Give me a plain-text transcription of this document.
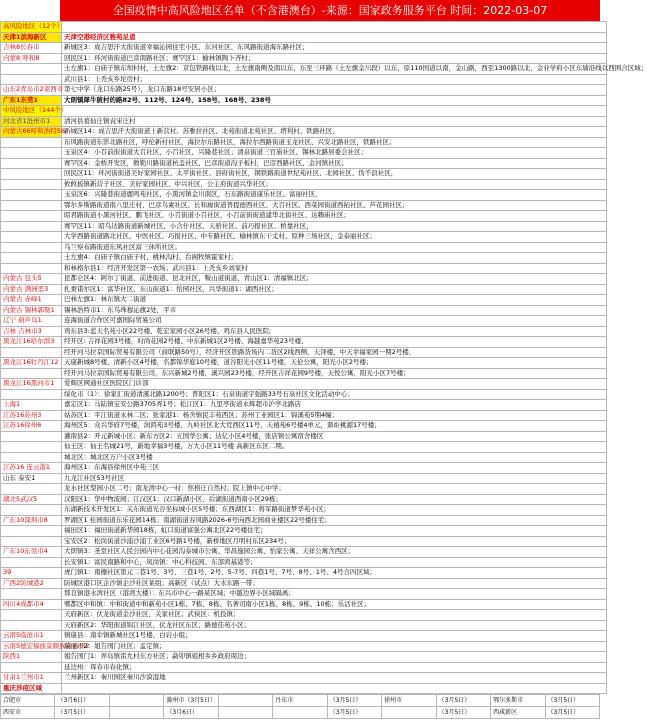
全国疫情中高风险地区名单（不含港澳台）-来源：国家政务服务平台 时间：2022-03-07
高风险地区（12个）	
天津1滨海新区	天津空港经济区雅苑足道
吉林8长春市	新城区3：成吉思汗大街街道幸福沁园住宅小区、东河社区、东风路街道海东路社区；
内蒙8 呼和8	回民区1：环河街街道巴彦南路社区；赛罕区1：榆林镇陶卜齐村；
	土左旗1：白庙子镇东坝村村，土左旗2：京包铁路线以北，土左旗南侧及南以东，东至三环路（土左旗金川段）以东，原110国道以南，金山路，西至1300路以北，金业学府小区东墙沿线以西围合区域；
	武川县1：上秃亥乡坨房村；
山东2青岛市2莱西市	第七中学（龙口东路25号），龙口东路18号安居小区；
广东1东莞1	大朗镇犀牛陂村的路82号、112号、124号、158号、168号、238号
中风险地区（144个）	
河北省1沧州市1	清河县葛仙庄镇袁宋庄村
内蒙古66呼和浩特58	新城区14：成吉思汗大街街道上新营村、苏雅拉社区、北苑街道北苑社区、塔利村、铁路社区，
	东风路街道东影北路社区，呼伦新村社区，海拉尔东路社区，海拉尔西路街道玉龙社区、兴安北路社区，铁路社区；
	玉泉区4：小召前街街道大召社区、小召社区，兴隆巷社区；清泉街道三官庙社区、锡林北路居委会社区；
	赛罕区4：金桥开发区，敕勒川路街道杭盖社区、巴彦街道沟子板村，巴彦西路社区、金河镇社区；
	回民区11：环河街街道美好家园社区、太平街社区、县府街社区，钢铁路街道世纪苑社区、北园社区、伪不浪社区，
	攸攸板镇新营子社区、美好家园社区、中兴社区，公主府街道兴华社区；
	玉泉区6：兴隆巷街道鹿鸣苑社区、小黑河镇金川南区，石东路街道康乐社区、富丽社区，
	鄂尔多斯路街道南八里庄村、巴彦乌素社区、长和廊街道普提德西社区、大召社区、西菜园街道西拓社区、芦花园社区；
	昭君路街道小黑河社区、鹏飞社区、小召街道小召社区，小召前街街道建华北街社区、达赖庙社区；
	赛罕区11：昭乌达路街道新城社区、小合什社区、天骄社区、前巧报社区、桥靠社区，
	大学西路街道路北社区，中医社区、巧报社区、中专路社区、榆林镇东干丈村、原种三场社区，金泰丽社区；
	乌兰察布路街道东风社区富三休所社区；
	土左旗4：白庙子镇白庙子村、桃林沟村、台阁牧镇霍家村；
	和林格尔县1：经济开发区第一农场；武川县1：上秃亥乡刘家村
内蒙古 包头5	昆都仑区4：阿尔丁街道、前进街道、昆北社区、鞍山道街道、青山区1：清福镇北区；
内蒙古 满洲里3	扎赉诺尔区1：富华社区、东山街道1：怡园社区、兴华街道1：湖西社区；
内蒙古 赤峰1	巴林左旗1：林东镇大二街道
内蒙古 锡林郭勒1	锡林浩特市1：东乌珠穆沁旗2处，平市
辽宁 葫芦岛1	连海街道合作区可嘉国际贸易公司
吉林 吉林市3	鸡东县3:蓝天名苑小区22号楼、乾宏家园小区26号楼、鸡东县人民医院;
黑龙江16哈尔滨3	经开区: 吉祥花园3号楼，时尚花园2号楼、中东新城1区2号楼、海越嘉华苑23号楼、
	经开河马拉京国际贸易有限公司（商联路50号），经济开区铁路货场内二货区2线西侧，天泽楼，中天幸福家园一期2号楼、
黑龙江16牡丹江12	天康新城8号楼，清新小区4号楼，名都锦华庭10号楼，道谷阳光小区11号楼，天伦公寓，阳光小区2号楼；
	经开河马拉京国际贸易有限公司，东兴新城2号楼，溪兴园23号楼，经开区吉祥花园9号楼，天悦公寓，阳光小区7号楼；
黑龙江16黑河市1	爱辉区网通社区医院区门诊部
	绥化市（1）：徐家汇街道清溪北路1200号；普陀区1：石泉街道宇强路33号石泉社区文化活动中心；
上海1	嘉定区1：马陆镇宝安公路3705弄1号；松江区1：九里亭街道永辉超市沪亭北路店
江苏16苏州3	姑苏区1：平江街道永林二区；张家港1：杨舍镇民丰苑西区；苏州工业园区1：锦溪苑5期4幢；
江苏16徐州6	海州区5：众兴华府7号楼，润鸿苑3号楼，九岭社区北大荒西区11号，天禧苑6号楼4单元，鼎炬桃源17号楼；
	灌南县2：开元新城小区；新东方区2：五国华公寓；达亿小区4号楼，张店镇公寓宿舍楼区
	仙王区：仙王名城21号，新地幸福3号楼，万大小区11号楼 高新区东区二期。
	城北区：城北区万户小区3号楼
江苏16 连云港1	海州区1：东海县徐州区中苑三区
山东 泰安1	九龙江社区53号社区
	龙水社区梨园小区二号；南龙湾中心一村：焦格庄自然村；院上镇中心中学；
湖北5武汉5	汉阳区1：华中物流园；江汉区1：汉口新湖小区、后湖街道西南小区29栋；
	东湖新技术开发区1：关东街道光谷坐标城小区5号楼；东西湖区1：将军路街道梦华苑小区；
广东10深圳市8	罗湖区1 桂园街道东乐花园14栋；南湖街道春风路2026-6号向西北园商业楼区22号楼住宅；
	福田区1：福田街道新华园18栋，虹口街道富强公寓北区22号楼住宅；
	宝安区2：松岗街道沙浦沙浦工业区6号路1号楼，新桥地区月明村东区234号；
广东10东莞市4	大朗镇3：圣堂社区人民公园内中心花园沟泰城市公寓、华昌逸园公寓、怡家公寓、天祥公寓含西区；
	长安镇1：富民南路和中心，凤岗镇：中心科技园、东部鸿基港等；
39	虎门镇1：南栅社区第元二巷1号、3号、三巷1号、2号、5-7号、四巷1号、7号、8号、1号、4号合四区域；
广西2防城港2	防城区港口区企沙镇企沙社区某组；高新区（试点）大水东路一带；
	那良镇港水湾社区（港湾大楼）：东兴市中心一路某区域；中越边界小区域隔离；
四川4成都市4	郫都区中和镇：中和街道中和新苑小区1栋、7栋、8栋、名著司南小区1栋、8栋、9栋、10栋；乐活社区；
	天府新区：伏龙街道金沙社区，关家社区；武侯区：机投镇；
	天府新区2：华阳街道锦江社区，伏龙社区东区；路德佳苑小区；
云南5临沧市1	镇康县：南伞镇新城社区1号楼、白岩小组；
云南5德宏傣族景颇族自治州2	瑞丽市2：姐告国门社区；孟定镇；
陕西1	姐告国门1：弄岛镇雷允村东方社区；勐卯镇姐相乡乡政府周边；
	延边州：珲春市春化镇；
甘肃1兰州市1	兰州新区1：秦川园区秦川沙漠湿地
重庆涉疫区域	
合肥市	（3月6日）		滁州市（3月5日）		丹东市	（3月5日）	徐州市	（3月5日）	鄂尔多斯市	（3月5日）
西安市	（3月5日）		（3月6日）			（3月5日）		（3月5日）	西咸新区	（3月5日）
